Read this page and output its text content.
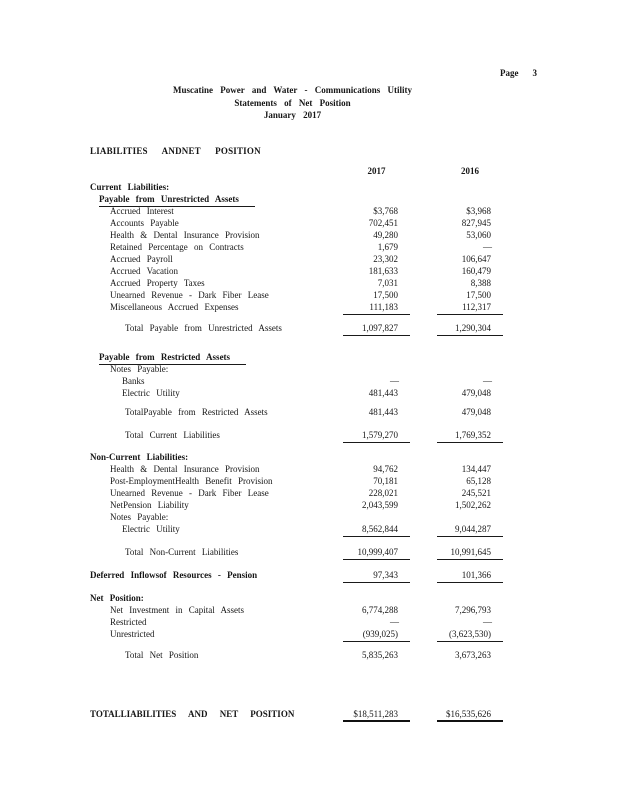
Page 3
Muscatine Power and Water - Communications Utility
Statements of Net Position
January 2017
LIABILITIES ANDNET POSITION
2017	2016
Current Liabilities:
Payable from Unrestricted Assets
Accrued Interest	$3,768	$3,968
Accounts Payable	702,451	827,945
Health & Dental Insurance Provision	49,280	53,060
Retained Percentage on Contracts	1,679	—
Accrued Payroll	23,302	106,647
Accrued Vacation	181,633	160,479
Accrued Property Taxes	7,031	8,388
Unearned Revenue - Dark Fiber Lease	17,500	17,500
Miscellaneous Accrued Expenses	111,183	112,317
Total Payable from Unrestricted Assets	1,097,827	1,290,304
Payable from Restricted Assets
Notes Payable:
Banks	—	—
Electric Utility	481,443	479,048
TotalPayable from Restricted Assets	481,443	479,048
Total Current Liabilities	1,579,270	1,769,352
Non-Current Liabilities:
Health & Dental Insurance Provision	94,762	134,447
Post-EmploymentHealth Benefit Provision	70,181	65,128
Unearned Revenue - Dark Fiber Lease	228,021	245,521
NetPension Liability	2,043,599	1,502,262
Notes Payable:
Electric Utility	8,562,844	9,044,287
Total Non-Current Liabilities	10,999,407	10,991,645
Deferred Inflowsof Resources - Pension	97,343	101,366
Net Position:
Net Investment in Capital Assets	6,774,288	7,296,793
Restricted	—	—
Unrestricted	(939,025)	(3,623,530)
Total Net Position	5,835,263	3,673,263
TOTALLIABILITIES AND NET POSITION	$18,511,283	$16,535,626
